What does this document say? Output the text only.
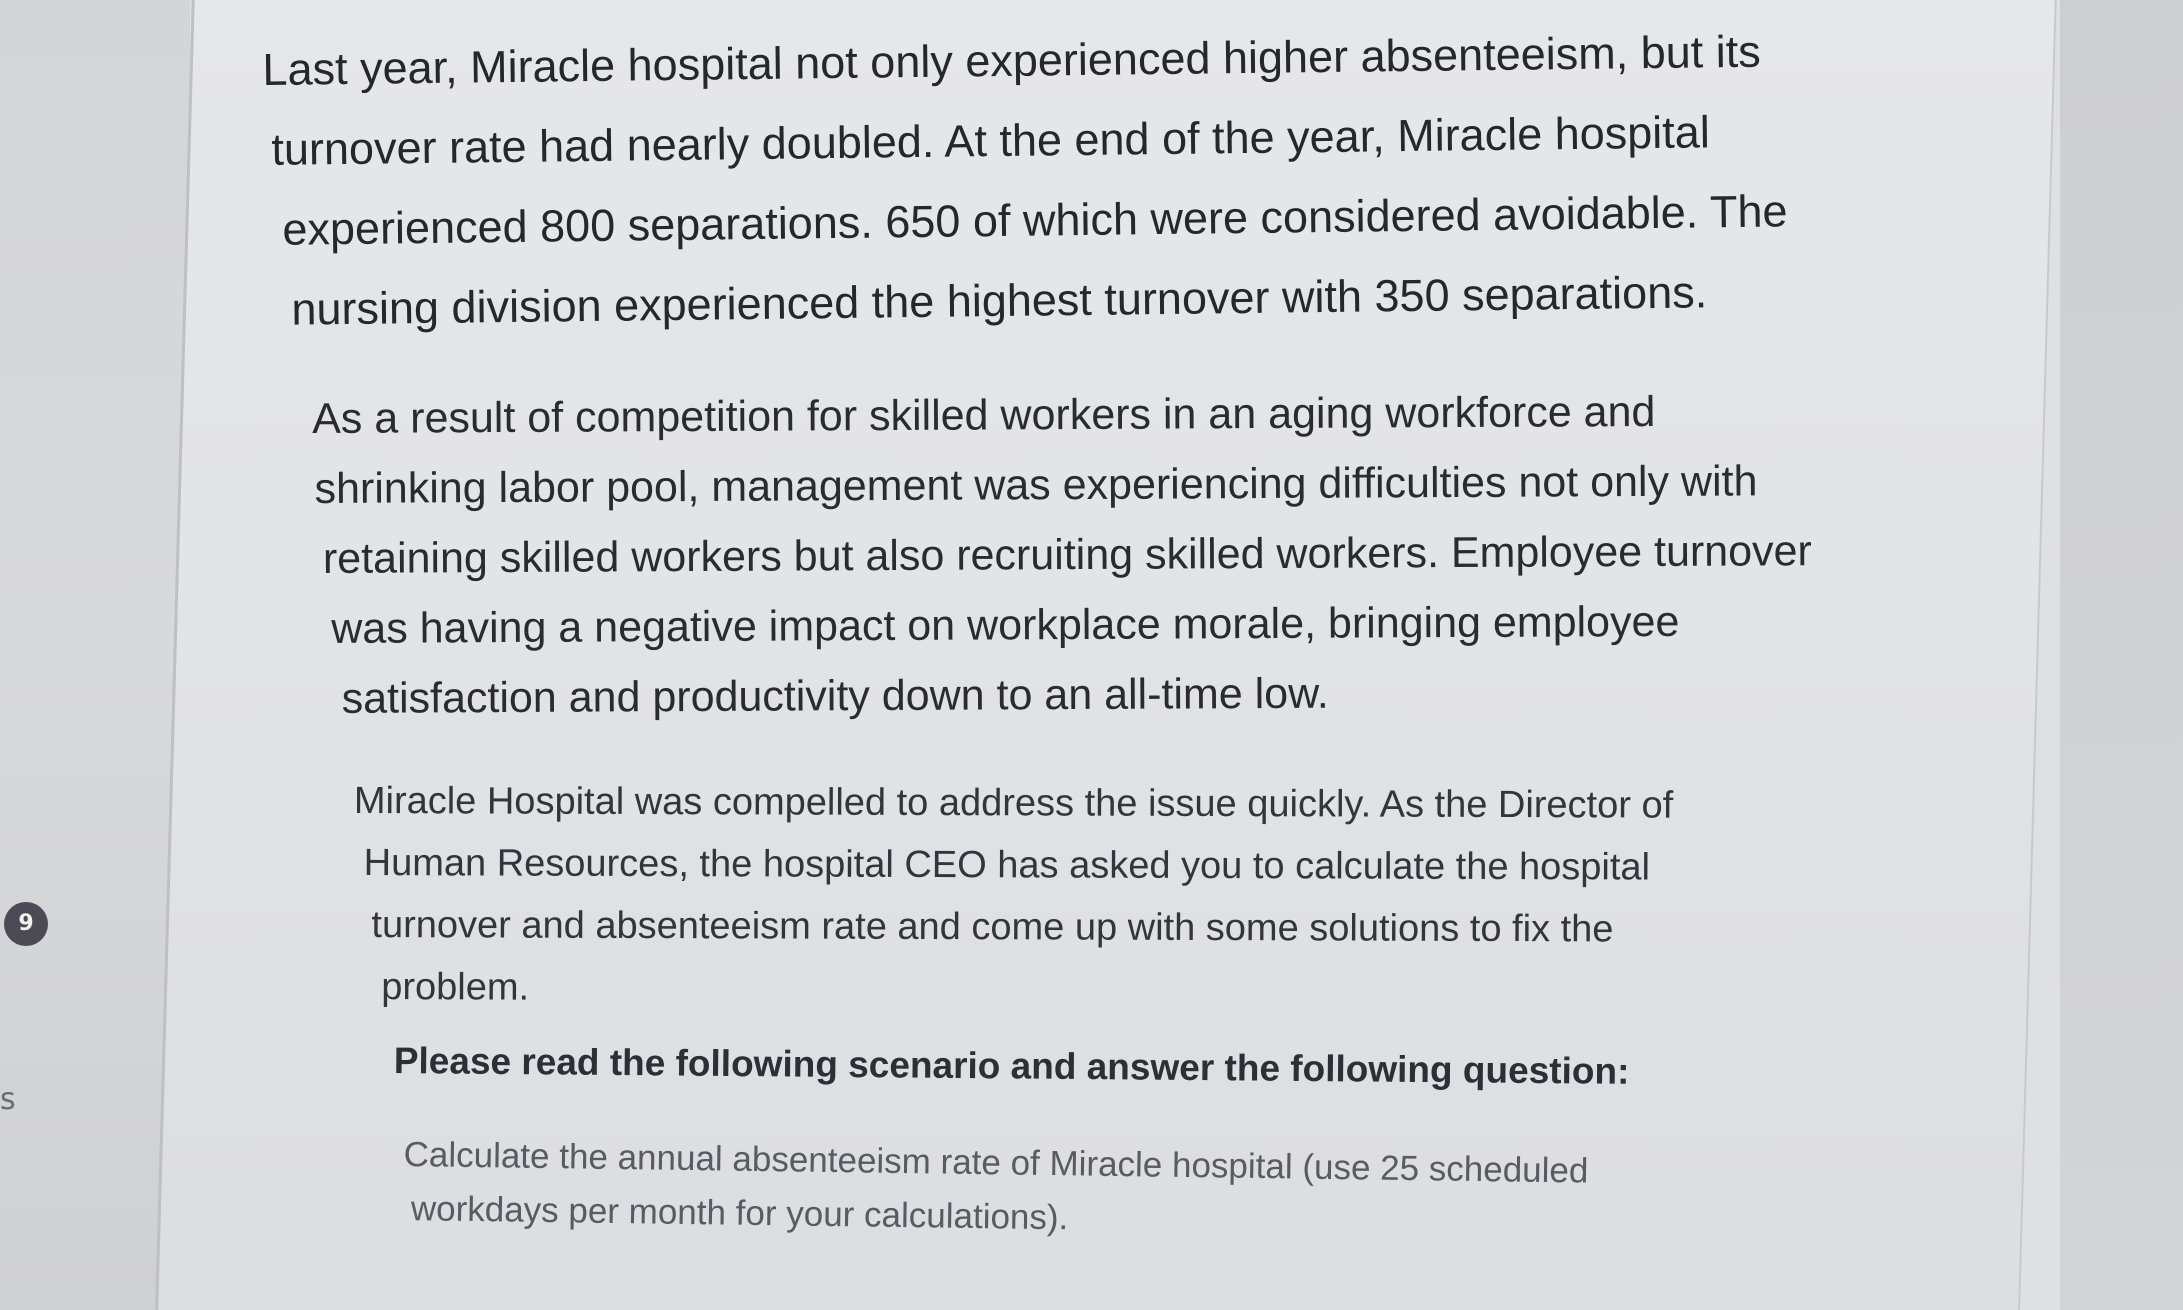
9
s
Last year, Miracle hospital not only experienced higher absenteeism, but its
turnover rate had nearly doubled. At the end of the year, Miracle hospital
experienced 800 separations. 650 of which were considered avoidable. The
nursing division experienced the highest turnover with 350 separations.
As a result of competition for skilled workers in an aging workforce and
shrinking labor pool, management was experiencing difficulties not only with
retaining skilled workers but also recruiting skilled workers. Employee turnover
was having a negative impact on workplace morale, bringing employee
satisfaction and productivity down to an all-time low.
Miracle Hospital was compelled to address the issue quickly. As the Director of
Human Resources, the hospital CEO has asked you to calculate the hospital
turnover and absenteeism rate and come up with some solutions to fix the
problem.

Please read the following scenario and answer the following question:

Calculate the annual absenteeism rate of Miracle hospital (use 25 scheduled
workdays per month for your calculations).
